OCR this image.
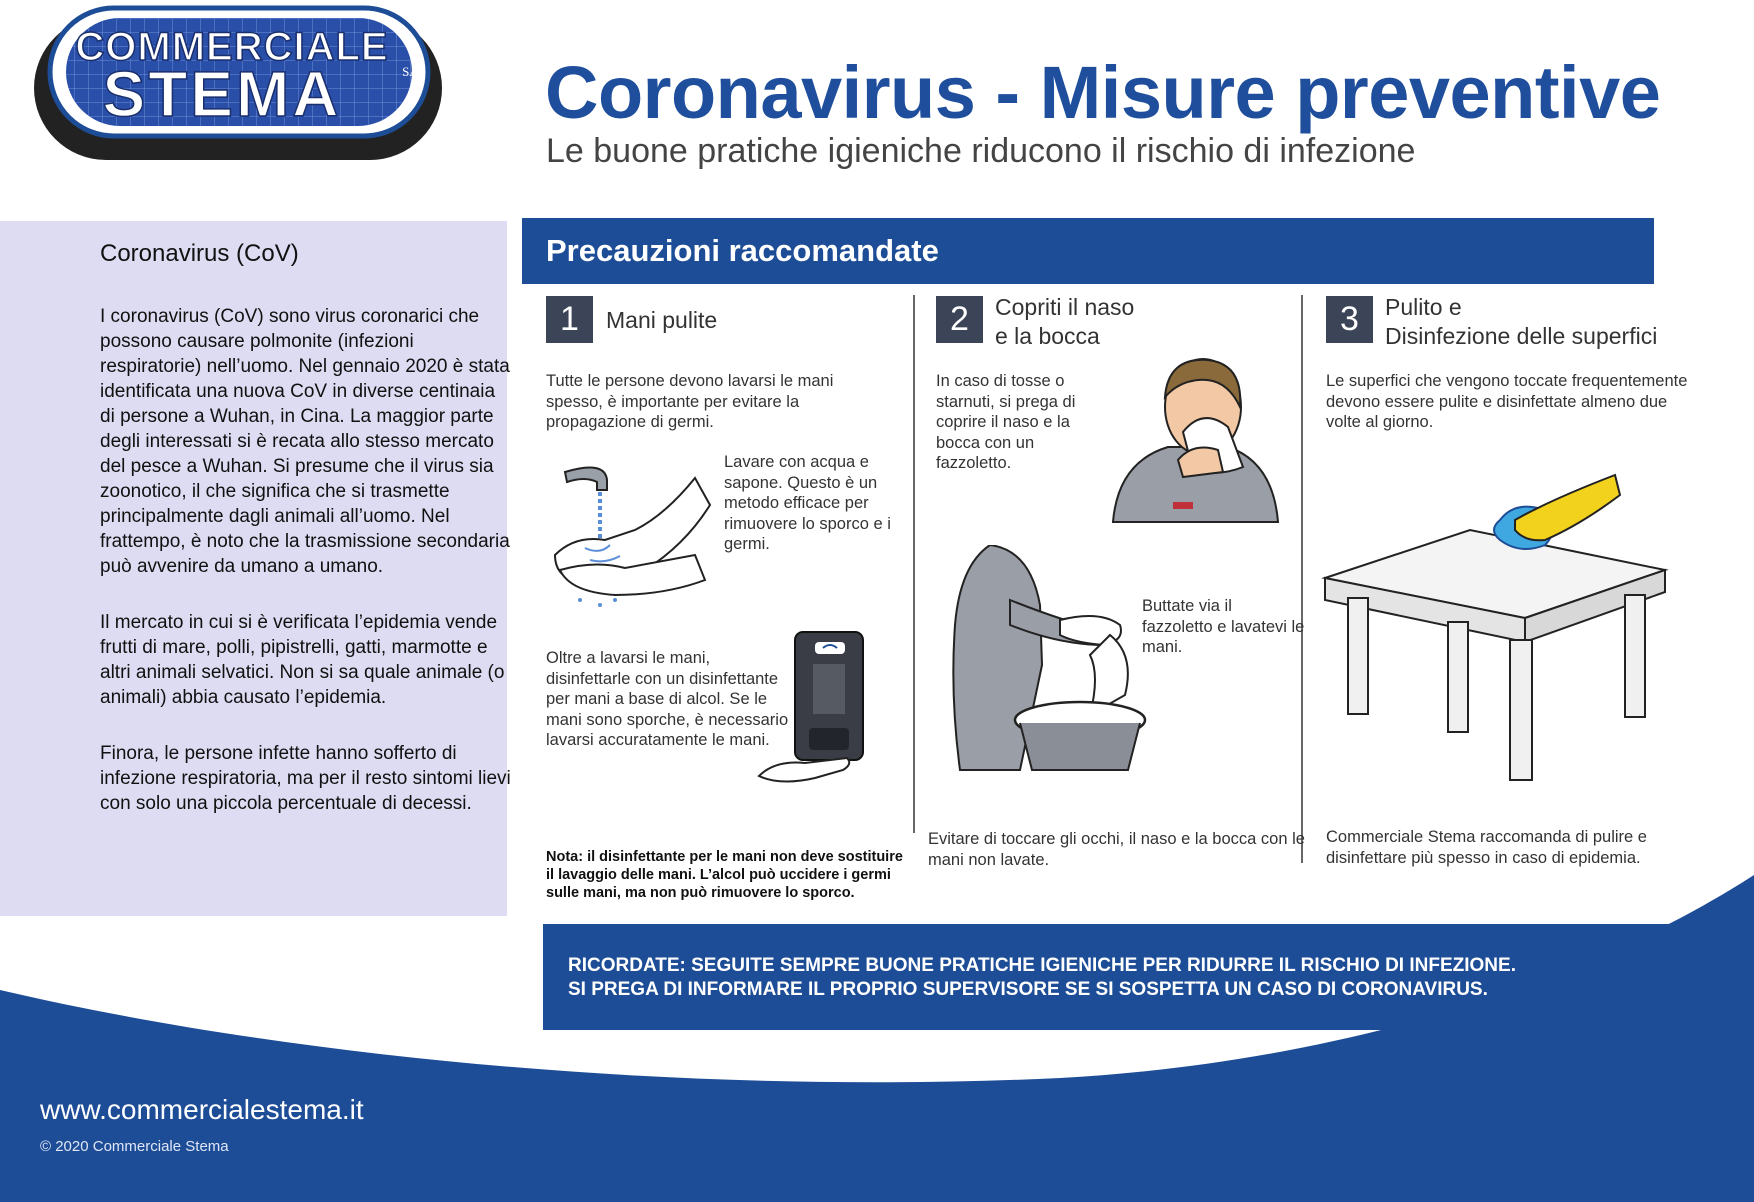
COMMERCIALE
STEMA	SAS Coronavirus - Misure preventive
Le buone pratiche igieniche riducono il rischio di infezione
Coronavirus (CoV)

I coronavirus (CoV) sono virus coronarici che possono causare polmonite (infezioni respiratorie) nell’uomo. Nel gennaio 2020 è stata identificata una nuova CoV in diverse centinaia di persone a Wuhan, in Cina. La maggior parte degli interessati si è recata allo stesso mercato del pesce a Wuhan. Si presume che il virus sia zoonotico, il che significa che si trasmette principalmente dagli animali all’uomo. Nel frattempo, è noto che la trasmissione secondaria può avvenire da umano a umano.

Il mercato in cui si è verificata l’epidemia vende frutti di mare, polli, pipistrelli, gatti, marmotte e altri animali selvatici. Non si sa quale animale (o animali) abbia causato l’epidemia.

Finora, le persone infette hanno sofferto di infezione respiratoria, ma per il resto sintomi lievi con solo una piccola percentuale di decessi.

Precauzioni raccomandate
1	Mani pulite

Tutte le persone devono lavarsi le mani spesso, è importante per evitare la propagazione di germi.

Lavare con acqua e sapone. Questo è un metodo efficace per rimuovere lo sporco e i germi.

Oltre a lavarsi le mani, disinfettarle con un disinfettante per mani a base di alcol. Se le mani sono sporche, è necessario lavarsi accuratamente le mani.

Nota: il disinfettante per le mani non deve sostituire il lavaggio delle mani. L’alcol può uccidere i germi sulle mani, ma non può rimuovere lo sporco.

2	Copriti il naso
e la bocca

In caso di tosse o starnuti, si prega di coprire il naso e la bocca con un fazzoletto.

Buttate via il fazzoletto e lavatevi le mani.

Evitare di toccare gli occhi, il naso e la bocca con le mani non lavate.

3	Pulito e
Disinfezione delle superfici

Le superfici che vengono toccate frequentemente devono essere pulite e disinfettate almeno due volte al giorno.

Commerciale Stema raccomanda di pulire e disinfettare più spesso in caso di epidemia.

RICORDATE: SEGUITE SEMPRE BUONE PRATICHE IGIENICHE PER RIDURRE IL RISCHIO DI INFEZIONE.
SI PREGA DI INFORMARE IL PROPRIO SUPERVISORE SE SI SOSPETTA UN CASO DI CORONAVIRUS.
www.commercialestema.it
© 2020 Commerciale Stema
